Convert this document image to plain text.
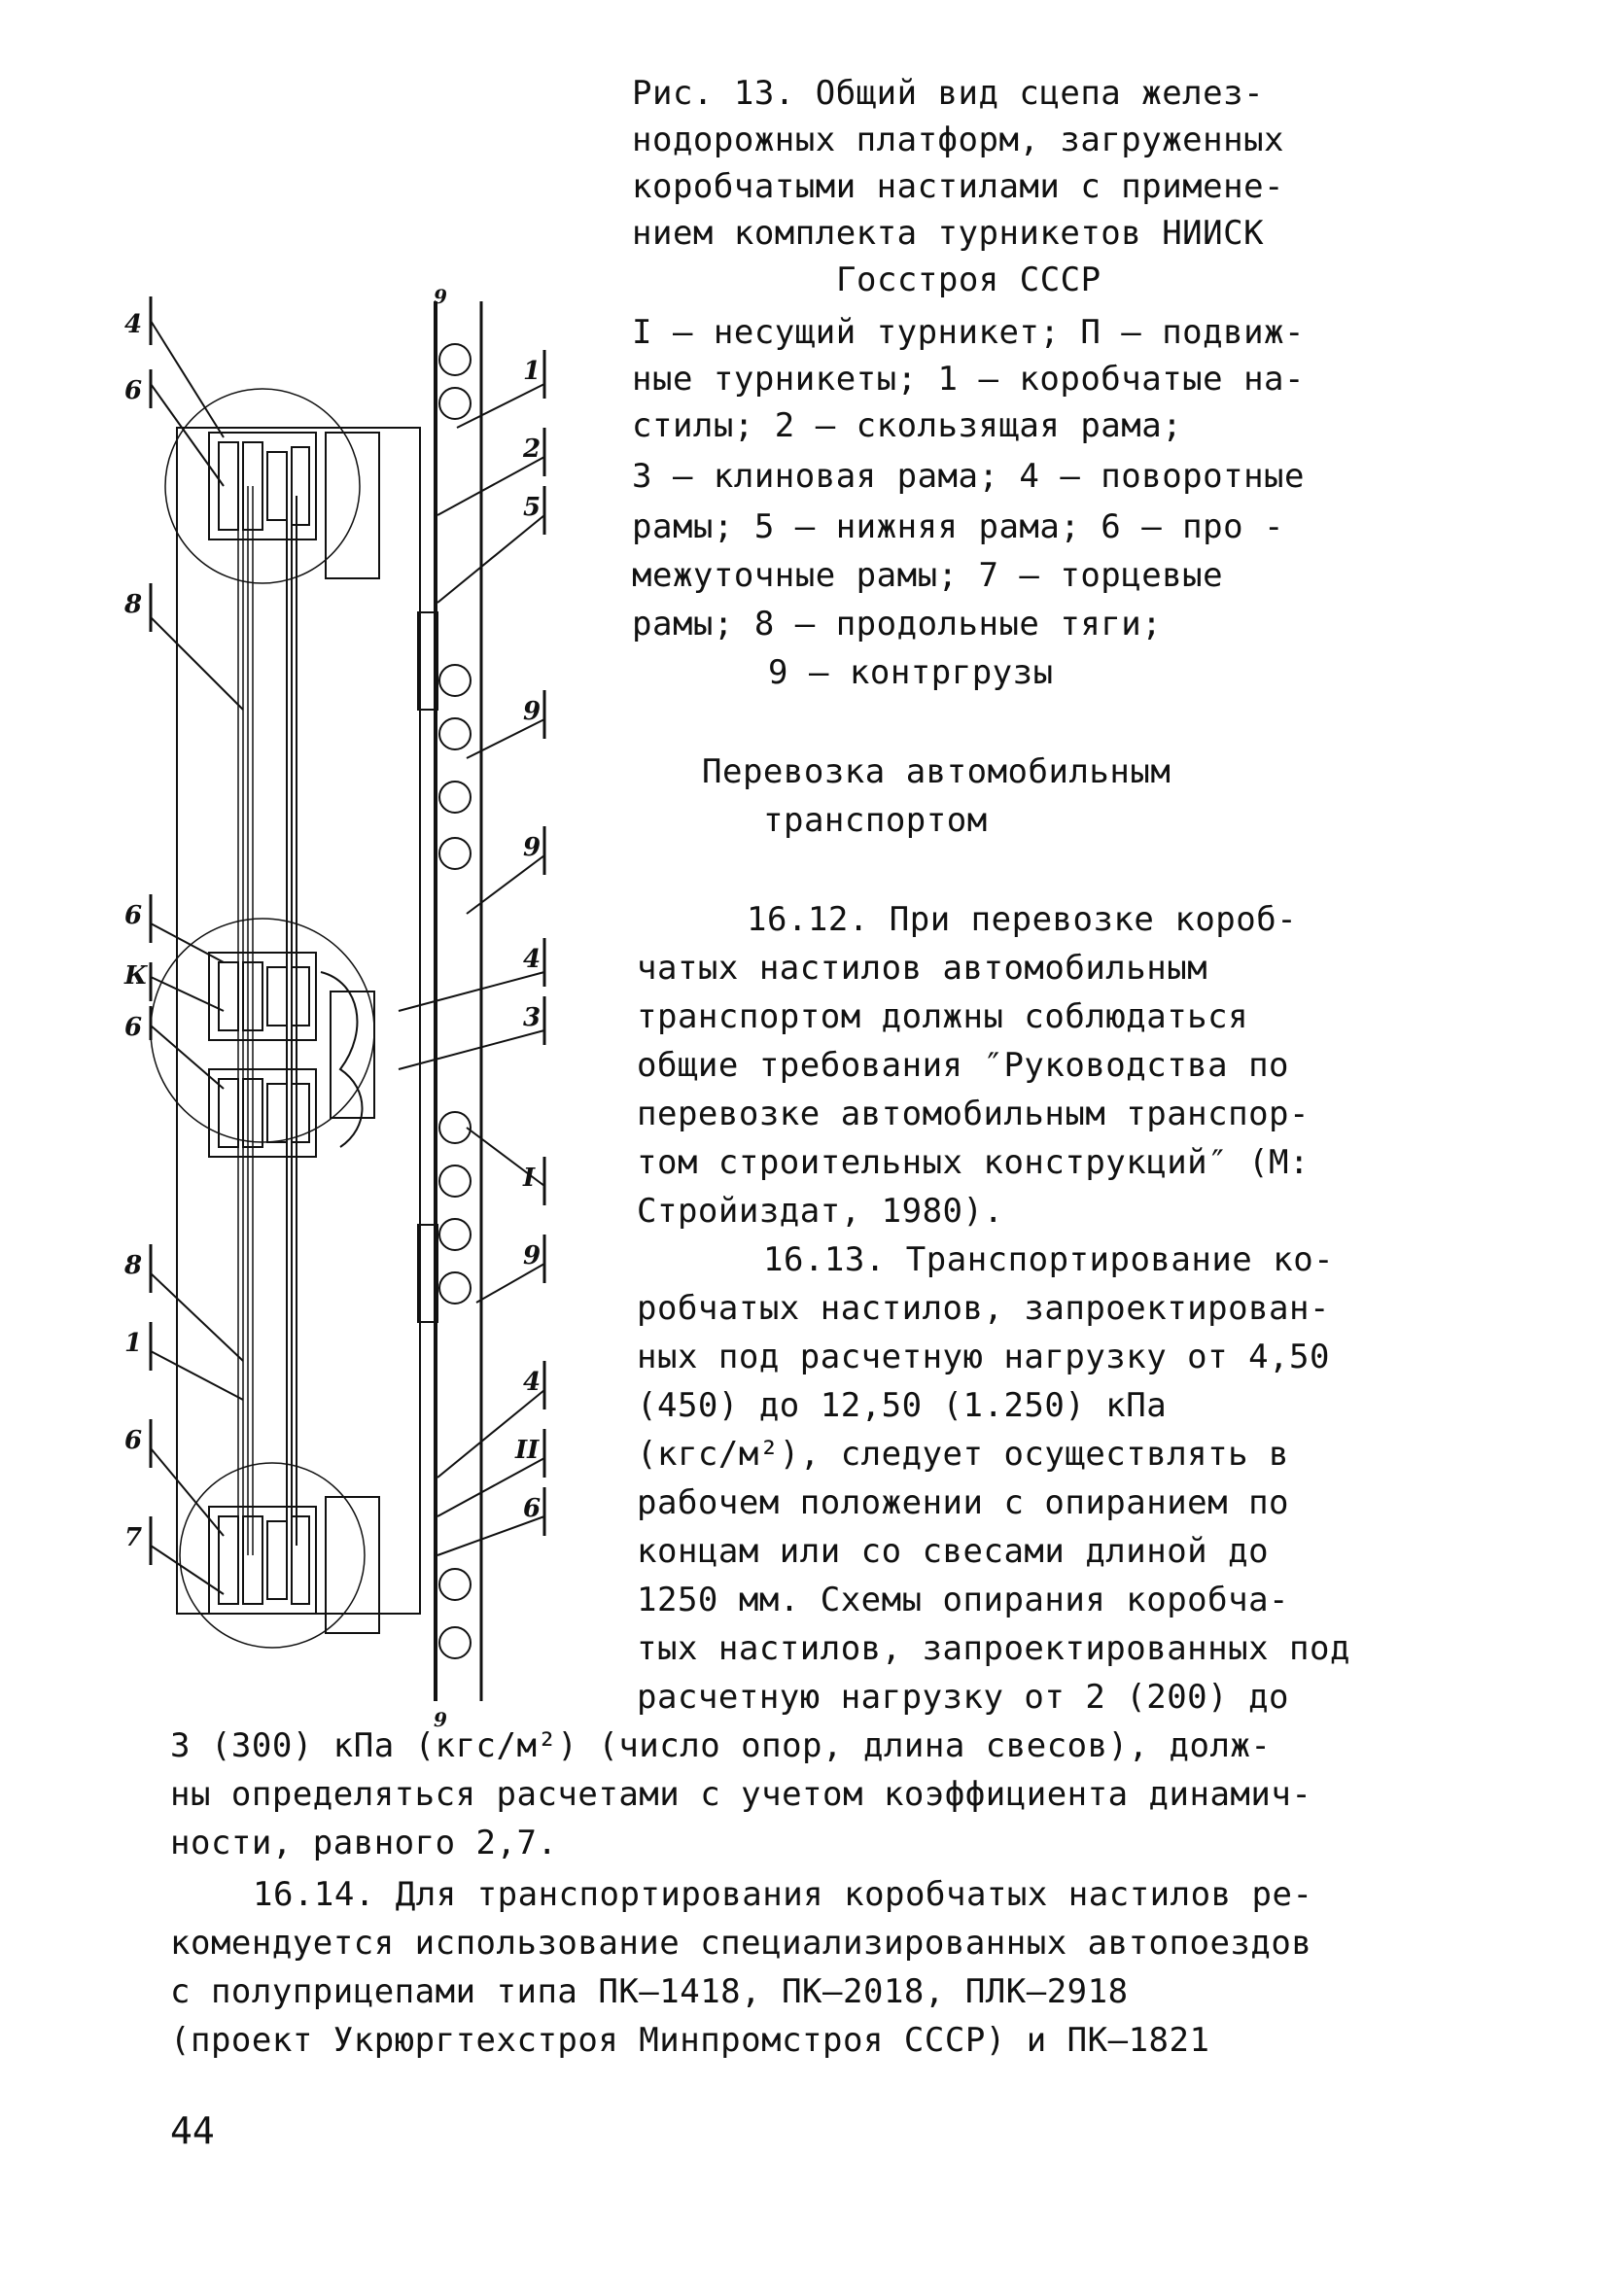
Рис. 13. Общий вид сцепа желез-
нодорожных платформ, загруженных
коробчатыми настилами с примене-
нием комплекта турникетов НИИСК
Госстроя СССР
I – несущий турникет; П – подвиж-
ные турникеты; 1 – коробчатые на-
стилы; 2 – скользящая рама;
3 – клиновая рама; 4 – поворотные
рамы; 5 – нижняя рама; 6 – про -
межуточные рамы; 7 – торцевые
рамы; 8 – продольные тяги;
9 – контргрузы
Перевозка автомобильным
транспортом
16.12. При перевозке короб-
чатых настилов автомобильным
транспортом должны соблюдаться
общие требования ″Руководства по
перевозке автомобильным транспор-
том строительных конструкций″ (М:
Стройиздат, 1980).
16.13. Транспортирование ко-
робчатых настилов, запроектирован-
ных под расчетную нагрузку от 4,50
(450) до 12,50 (1.250) кПа
(кгс/м²), следует осуществлять в
рабочем положении с опиранием по
концам или со свесами длиной до
1250 мм. Схемы опирания коробча-
тых настилов, запроектированных под
расчетную нагрузку от 2 (200) до
3 (300) кПа (кгс/м²) (число опор, длина свесов), долж-
ны определяться расчетами с учетом коэффициента динамич-
ности, равного 2,7.
16.14. Для транспортирования коробчатых настилов ре-
комендуется использование специализированных автопоездов
с полуприцепами типа ПК–1418, ПК–2018, ПЛК–2918
(проект Укрюргтехстроя Минпромстроя СССР) и ПК–1821
44
4
6
8
6
К
6
8
1
6
7
9
1
2
5
9
9
4
3
I
9
4
II
6
9
